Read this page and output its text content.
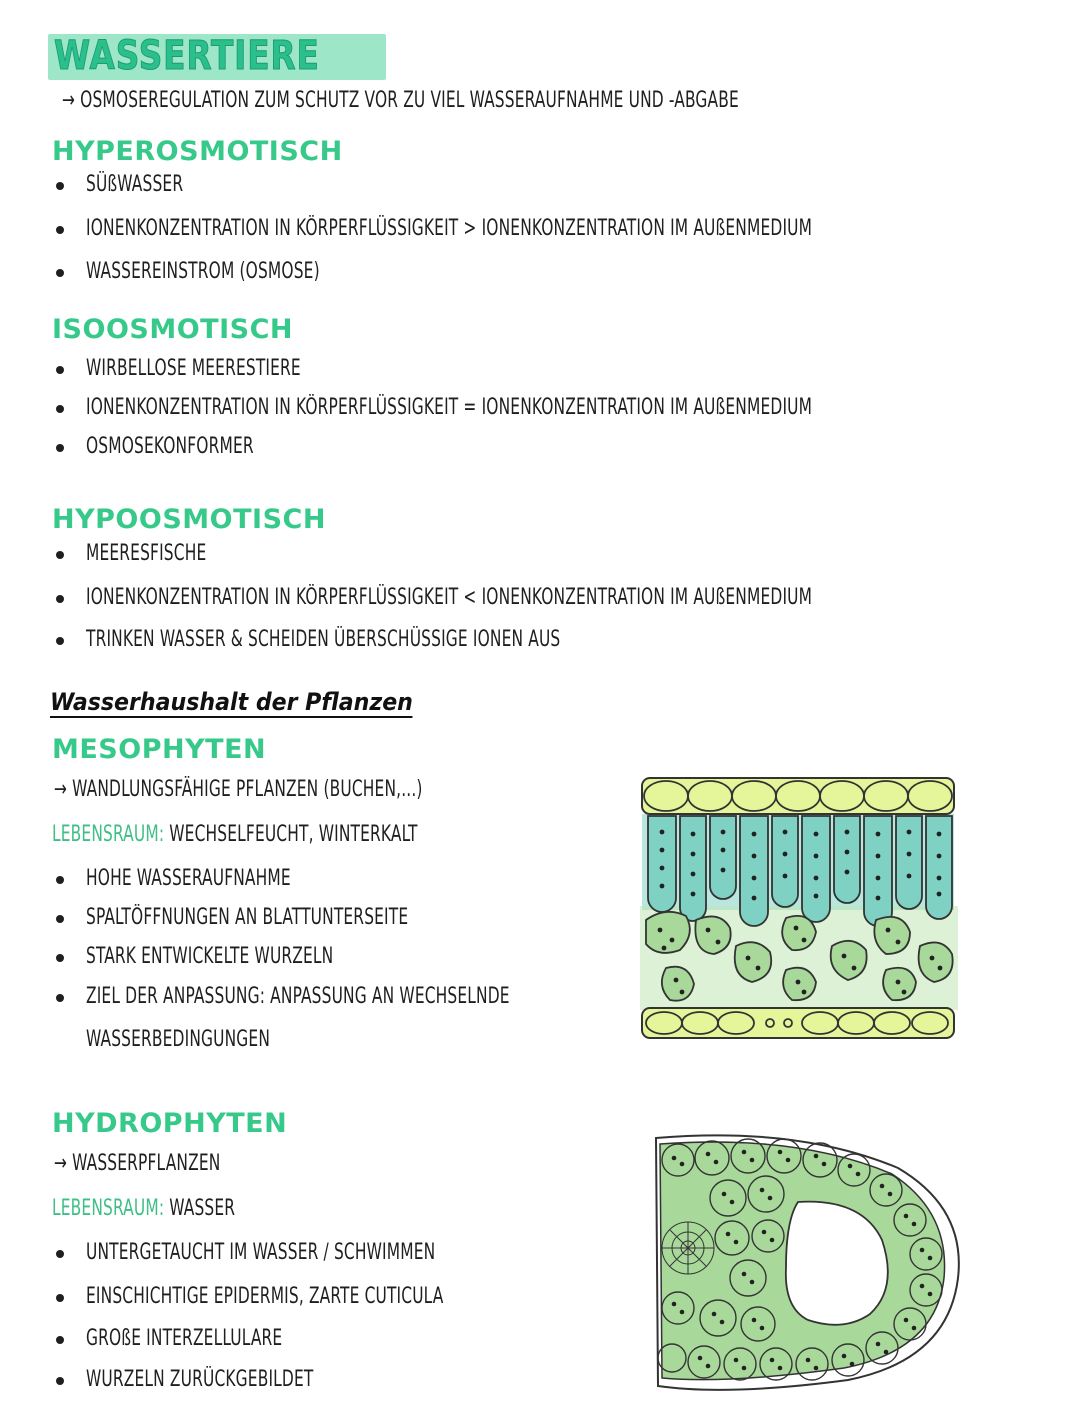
WASSERTIERE
→ OSMOSEREGULATION ZUM SCHUTZ VOR ZU VIEL WASSERAUFNAHME UND -ABGABE
HYPEROSMOTISCH
SÜßWASSER
IONENKONZENTRATION IN KÖRPERFLÜSSIGKEIT > IONENKONZENTRATION IM AUßENMEDIUM
WASSEREINSTROM (OSMOSE)
ISOOSMOTISCH
WIRBELLOSE MEERESTIERE
IONENKONZENTRATION IN KÖRPERFLÜSSIGKEIT = IONENKONZENTRATION IM AUßENMEDIUM
OSMOSEKONFORMER
HYPOOSMOTISCH
MEERESFISCHE
IONENKONZENTRATION IN KÖRPERFLÜSSIGKEIT < IONENKONZENTRATION IM AUßENMEDIUM
TRINKEN WASSER & SCHEIDEN ÜBERSCHÜSSIGE IONEN AUS
Wasserhaushalt der Pflanzen
MESOPHYTEN
→ WANDLUNGSFÄHIGE PFLANZEN (BUCHEN,...)
LEBENSRAUM: WECHSELFEUCHT, WINTERKALT
HOHE WASSERAUFNAHME
SPALTÖFFNUNGEN AN BLATTUNTERSEITE
STARK ENTWICKELTE WURZELN
ZIEL DER ANPASSUNG: ANPASSUNG AN WECHSELNDE
WASSERBEDINGUNGEN
HYDROPHYTEN
→ WASSERPFLANZEN
LEBENSRAUM: WASSER
UNTERGETAUCHT IM WASSER / SCHWIMMEN
EINSCHICHTIGE EPIDERMIS, ZARTE CUTICULA
GROßE INTERZELLULARE
WURZELN ZURÜCKGEBILDET
